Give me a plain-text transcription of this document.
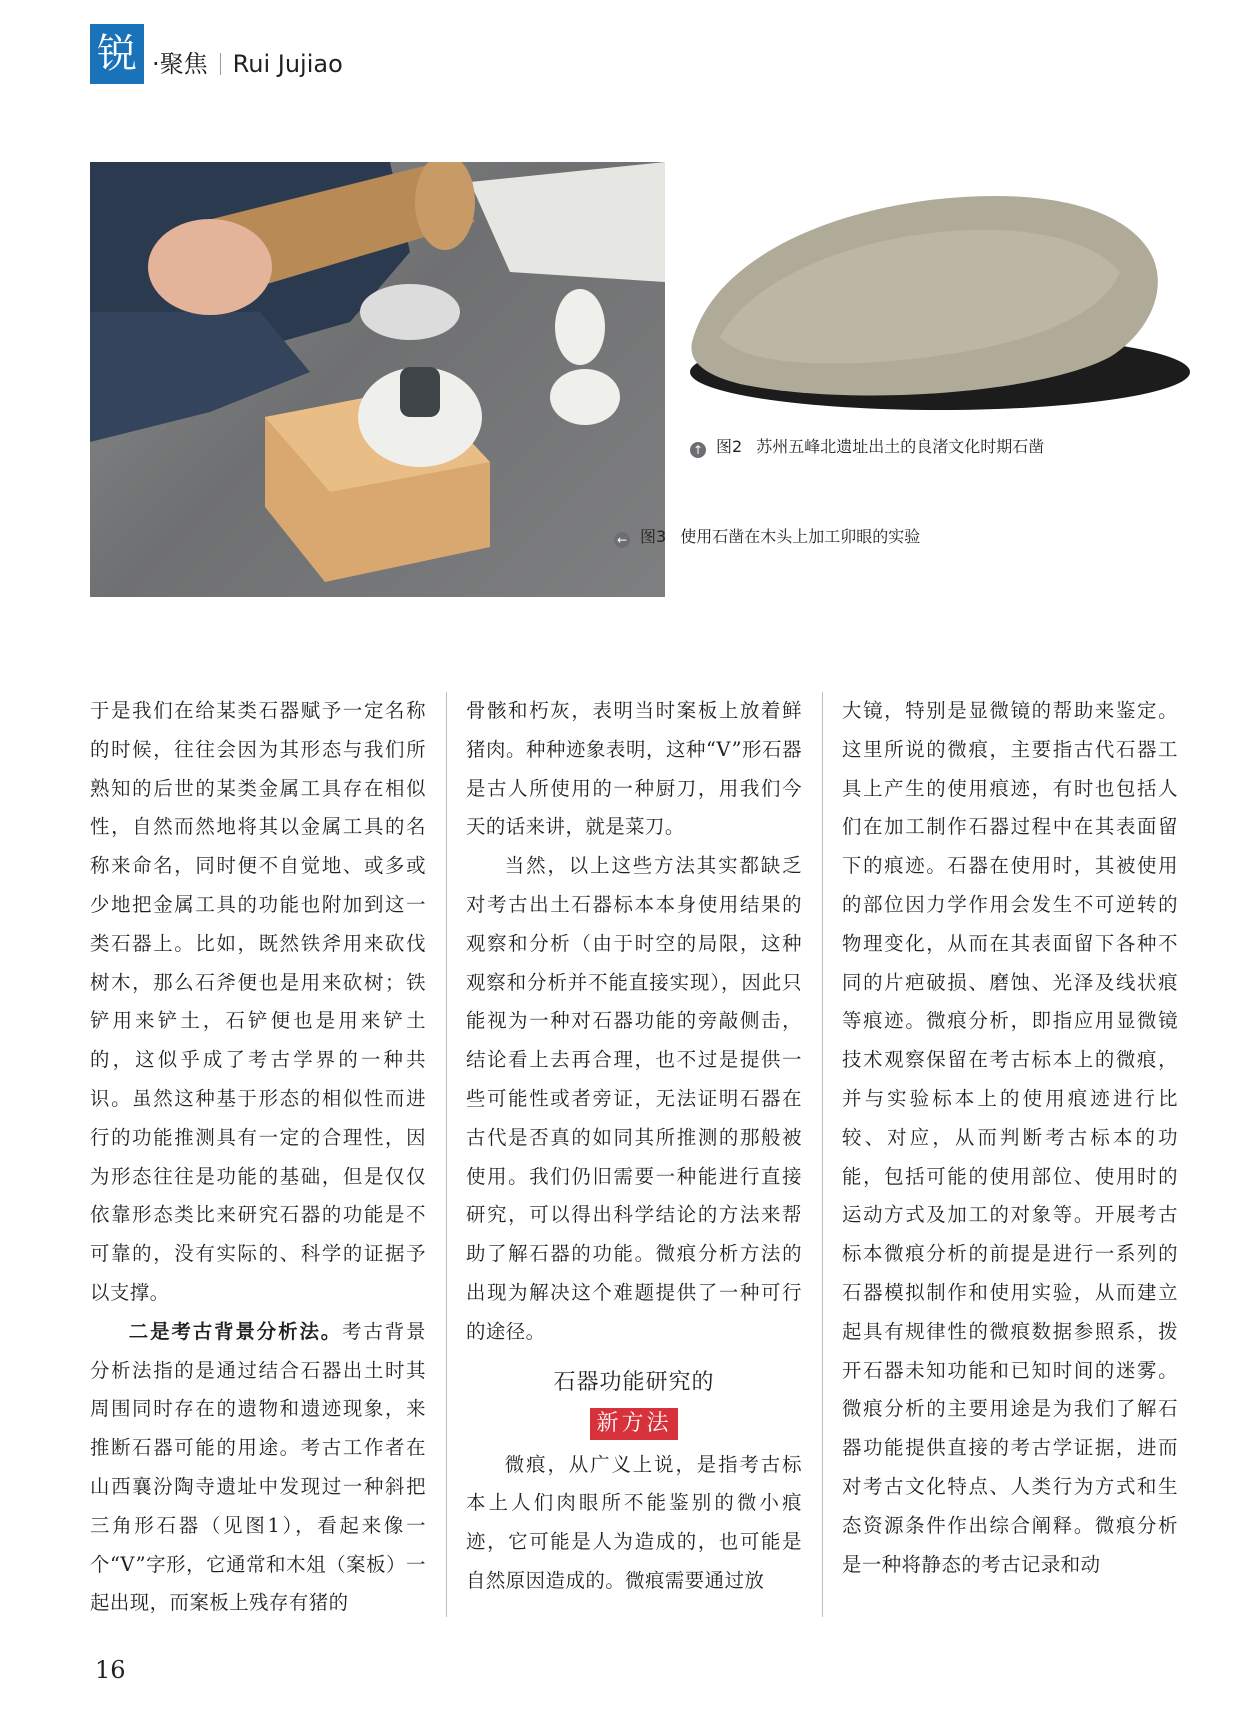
锐 ·聚焦 Rui Jujiao
↑ 图2 苏州五峰北遗址出土的良渚文化时期石凿
← 图3 使用石凿在木头上加工卯眼的实验

于是我们在给某类石器赋予一定名称的时候，往往会因为其形态与我们所熟知的后世的某类金属工具存在相似性，自然而然地将其以金属工具的名称来命名，同时便不自觉地、或多或少地把金属工具的功能也附加到这一类石器上。比如，既然铁斧用来砍伐树木，那么石斧便也是用来砍树；铁铲用来铲土，石铲便也是用来铲土的，这似乎成了考古学界的一种共识。虽然这种基于形态的相似性而进行的功能推测具有一定的合理性，因为形态往往是功能的基础，但是仅仅依靠形态类比来研究石器的功能是不可靠的，没有实际的、科学的证据予以支撑。

二是考古背景分析法。考古背景分析法指的是通过结合石器出土时其周围同时存在的遗物和遗迹现象，来推断石器可能的用途。考古工作者在山西襄汾陶寺遗址中发现过一种斜把三角形石器（见图1），看起来像一个“V”字形，它通常和木俎（案板）一起出现，而案板上残存有猪的

骨骸和朽灰，表明当时案板上放着鲜猪肉。种种迹象表明，这种“V”形石器是古人所使用的一种厨刀，用我们今天的话来讲，就是菜刀。

当然，以上这些方法其实都缺乏对考古出土石器标本本身使用结果的观察和分析（由于时空的局限，这种观察和分析并不能直接实现），因此只能视为一种对石器功能的旁敲侧击，结论看上去再合理，也不过是提供一些可能性或者旁证，无法证明石器在古代是否真的如同其所推测的那般被使用。我们仍旧需要一种能进行直接研究，可以得出科学结论的方法来帮助了解石器的功能。微痕分析方法的出现为解决这个难题提供了一种可行的途径。

石器功能研究的
新方法

微痕，从广义上说，是指考古标本上人们肉眼所不能鉴别的微小痕迹，它可能是人为造成的，也可能是自然原因造成的。微痕需要通过放

大镜，特别是显微镜的帮助来鉴定。这里所说的微痕，主要指古代石器工具上产生的使用痕迹，有时也包括人们在加工制作石器过程中在其表面留下的痕迹。石器在使用时，其被使用的部位因力学作用会发生不可逆转的物理变化，从而在其表面留下各种不同的片疤破损、磨蚀、光泽及线状痕等痕迹。微痕分析，即指应用显微镜技术观察保留在考古标本上的微痕，并与实验标本上的使用痕迹进行比较、对应，从而判断考古标本的功能，包括可能的使用部位、使用时的运动方式及加工的对象等。开展考古标本微痕分析的前提是进行一系列的石器模拟制作和使用实验，从而建立起具有规律性的微痕数据参照系，拨开石器未知功能和已知时间的迷雾。微痕分析的主要用途是为我们了解石器功能提供直接的考古学证据，进而对考古文化特点、人类行为方式和生态资源条件作出综合阐释。微痕分析是一种将静态的考古记录和动

16
